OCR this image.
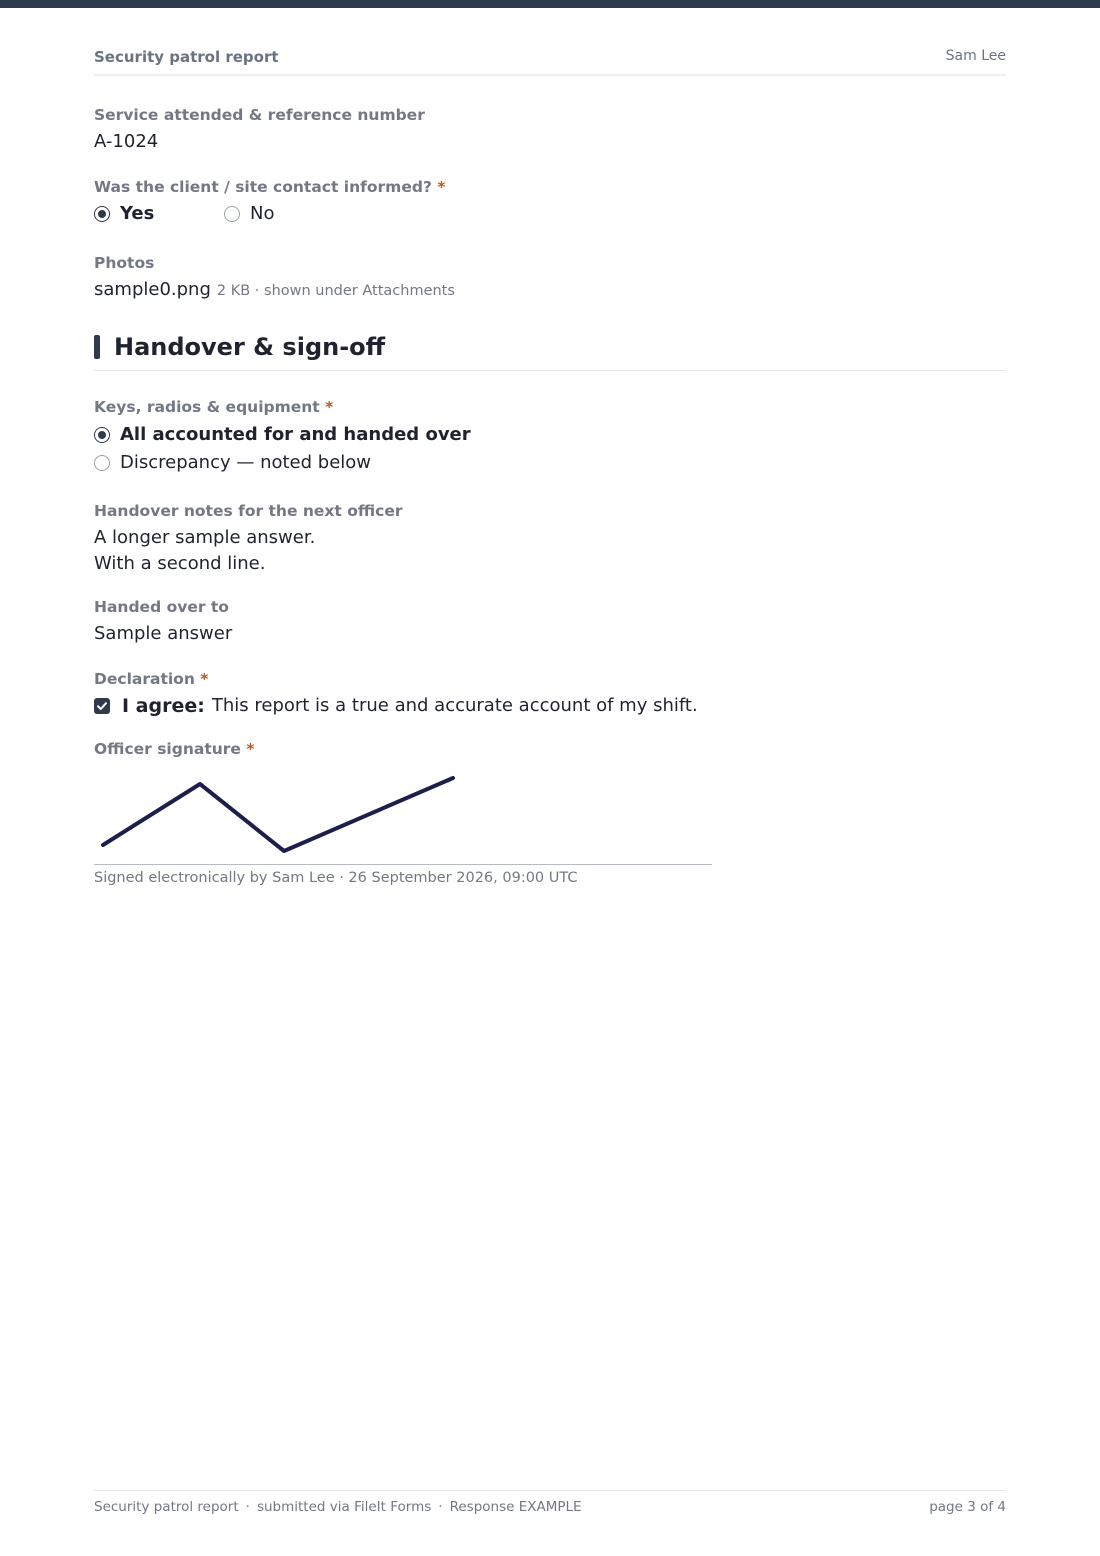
Security patrol report	Sam Lee
Service attended & reference number
A-1024
Was the client / site contact informed? *
Yes	No
Photos
sample0.png 2 KB · shown under Attachments
Handover & sign-off
Keys, radios & equipment *
All accounted for and handed over
Discrepancy — noted below
Handover notes for the next officer
A longer sample answer.
With a second line.
Handed over to
Sample answer
Declaration *
I agree: This report is a true and accurate account of my shift.
Officer signature *
Signed electronically by Sam Lee · 26 September 2026, 09:00 UTC
Security patrol report · submitted via FileIt Forms · Response EXAMPLE	page 3 of 4
